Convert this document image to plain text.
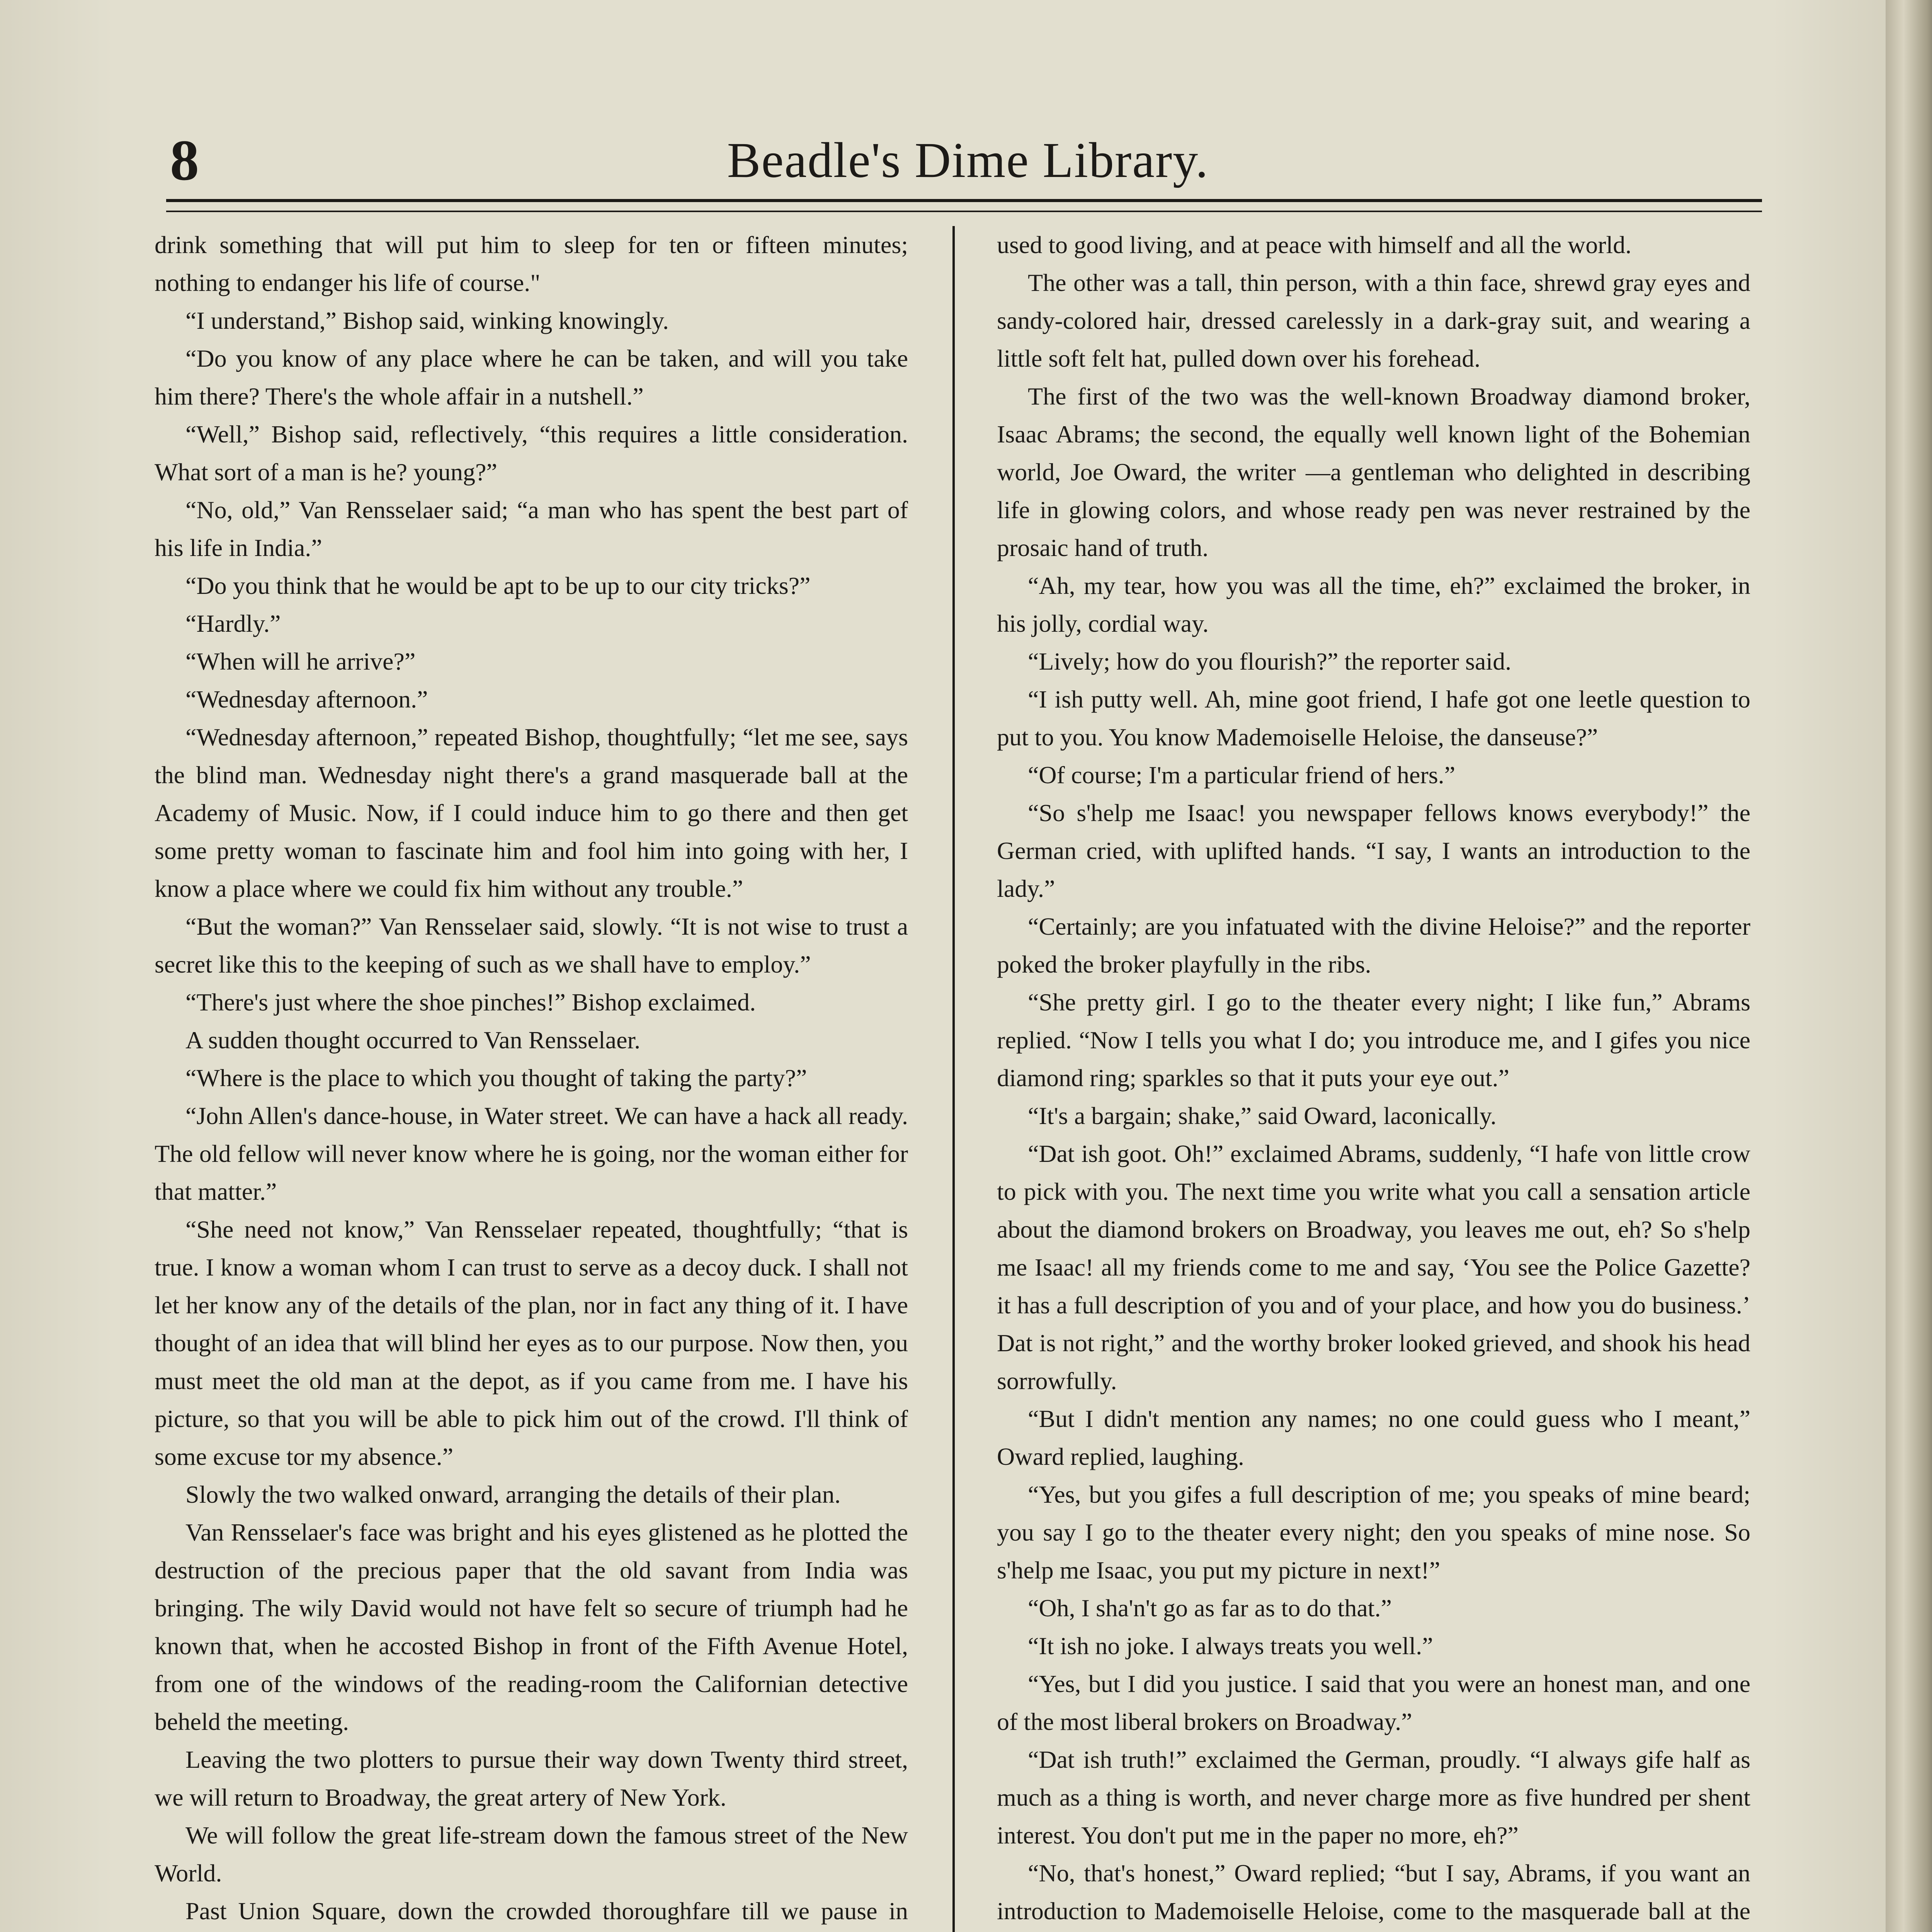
8	Beadle's Dime Library.

drink something that will put him to sleep for ten or fifteen minutes; nothing to endanger his life of course."

“I understand,” Bishop said, winking knowingly.

“Do you know of any place where he can be taken, and will you take him there? There's the whole affair in a nutshell.”

“Well,” Bishop said, reflectively, “this requires a little consideration. What sort of a man is he? young?”

“No, old,” Van Rensselaer said; “a man who has spent the best part of his life in India.”

“Do you think that he would be apt to be up to our city tricks?”

“Hardly.”

“When will he arrive?”

“Wednesday afternoon.”

“Wednesday afternoon,” repeated Bishop, thoughtfully; “let me see, says the blind man. Wednesday night there's a grand masquerade ball at the Academy of Music. Now, if I could induce him to go there and then get some pretty woman to fascinate him and fool him into going with her, I know a place where we could fix him without any trouble.”

“But the woman?” Van Rensselaer said, slowly. “It is not wise to trust a secret like this to the keeping of such as we shall have to employ.”

“There's just where the shoe pinches!” Bishop exclaimed.

A sudden thought occurred to Van Rensselaer.

“Where is the place to which you thought of taking the party?”

“John Allen's dance-house, in Water street. We can have a hack all ready. The old fellow will never know where he is going, nor the woman either for that matter.”

“She need not know,” Van Rensselaer repeated, thoughtfully; “that is true. I know a woman whom I can trust to serve as a decoy duck. I shall not let her know any of the details of the plan, nor in fact any thing of it. I have thought of an idea that will blind her eyes as to our purpose. Now then, you must meet the old man at the depot, as if you came from me. I have his picture, so that you will be able to pick him out of the crowd. I'll think of some excuse tor my absence.”

Slowly the two walked onward, arranging the details of their plan.

Van Rensselaer's face was bright and his eyes glistened as he plotted the destruction of the precious paper that the old savant from India was bringing. The wily David would not have felt so secure of triumph had he known that, when he accosted Bishop in front of the Fifth Avenue Hotel, from one of the windows of the reading-room the Californian detective beheld the meeting.

Leaving the two plotters to pursue their way down Twenty third street, we will return to Broadway, the great artery of New York.

We will follow the great life-stream down the famous street of the New World.

Past Union Square, down the crowded thoroughfare till we pause in

used to good living, and at peace with himself and all the world.

The other was a tall, thin person, with a thin face, shrewd gray eyes and sandy-colored hair, dressed carelessly in a dark-gray suit, and wearing a little soft felt hat, pulled down over his forehead.

The first of the two was the well-known Broadway diamond broker, Isaac Abrams; the second, the equally well known light of the Bohemian world, Joe Oward, the writer —a gentleman who delighted in describing life in glowing colors, and whose ready pen was never restrained by the prosaic hand of truth.

“Ah, my tear, how you was all the time, eh?” exclaimed the broker, in his jolly, cordial way.

“Lively; how do you flourish?” the reporter said.

“I ish putty well. Ah, mine goot friend, I hafe got one leetle question to put to you. You know Mademoiselle Heloise, the danseuse?”

“Of course; I'm a particular friend of hers.”

“So s'help me Isaac! you newspaper fellows knows everybody!” the German cried, with uplifted hands. “I say, I wants an introduction to the lady.”

“Certainly; are you infatuated with the divine Heloise?” and the reporter poked the broker playfully in the ribs.

“She pretty girl. I go to the theater every night; I like fun,” Abrams replied. “Now I tells you what I do; you introduce me, and I gifes you nice diamond ring; sparkles so that it puts your eye out.”

“It's a bargain; shake,” said Oward, laconically.

“Dat ish goot. Oh!” exclaimed Abrams, suddenly, “I hafe von little crow to pick with you. The next time you write what you call a sensation article about the diamond brokers on Broadway, you leaves me out, eh? So s'help me Isaac! all my friends come to me and say, ‘You see the Police Gazette? it has a full description of you and of your place, and how you do business.’ Dat is not right,” and the worthy broker looked grieved, and shook his head sorrowfully.

“But I didn't mention any names; no one could guess who I meant,” Oward replied, laughing.

“Yes, but you gifes a full description of me; you speaks of mine beard; you say I go to the theater every night; den you speaks of mine nose. So s'help me Isaac, you put my picture in next!”

“Oh, I sha'n't go as far as to do that.”

“It ish no joke. I always treats you well.”

“Yes, but I did you justice. I said that you were an honest man, and one of the most liberal brokers on Broadway.”

“Dat ish truth!” exclaimed the German, proudly. “I always gife half as much as a thing is worth, and never charge more as five hundred per shent interest. You don't put me in the paper no more, eh?”

“No, that's honest,” Oward replied; “but I say, Abrams, if you want an introduction to Mademoiselle Heloise, come to the masquerade ball at the
